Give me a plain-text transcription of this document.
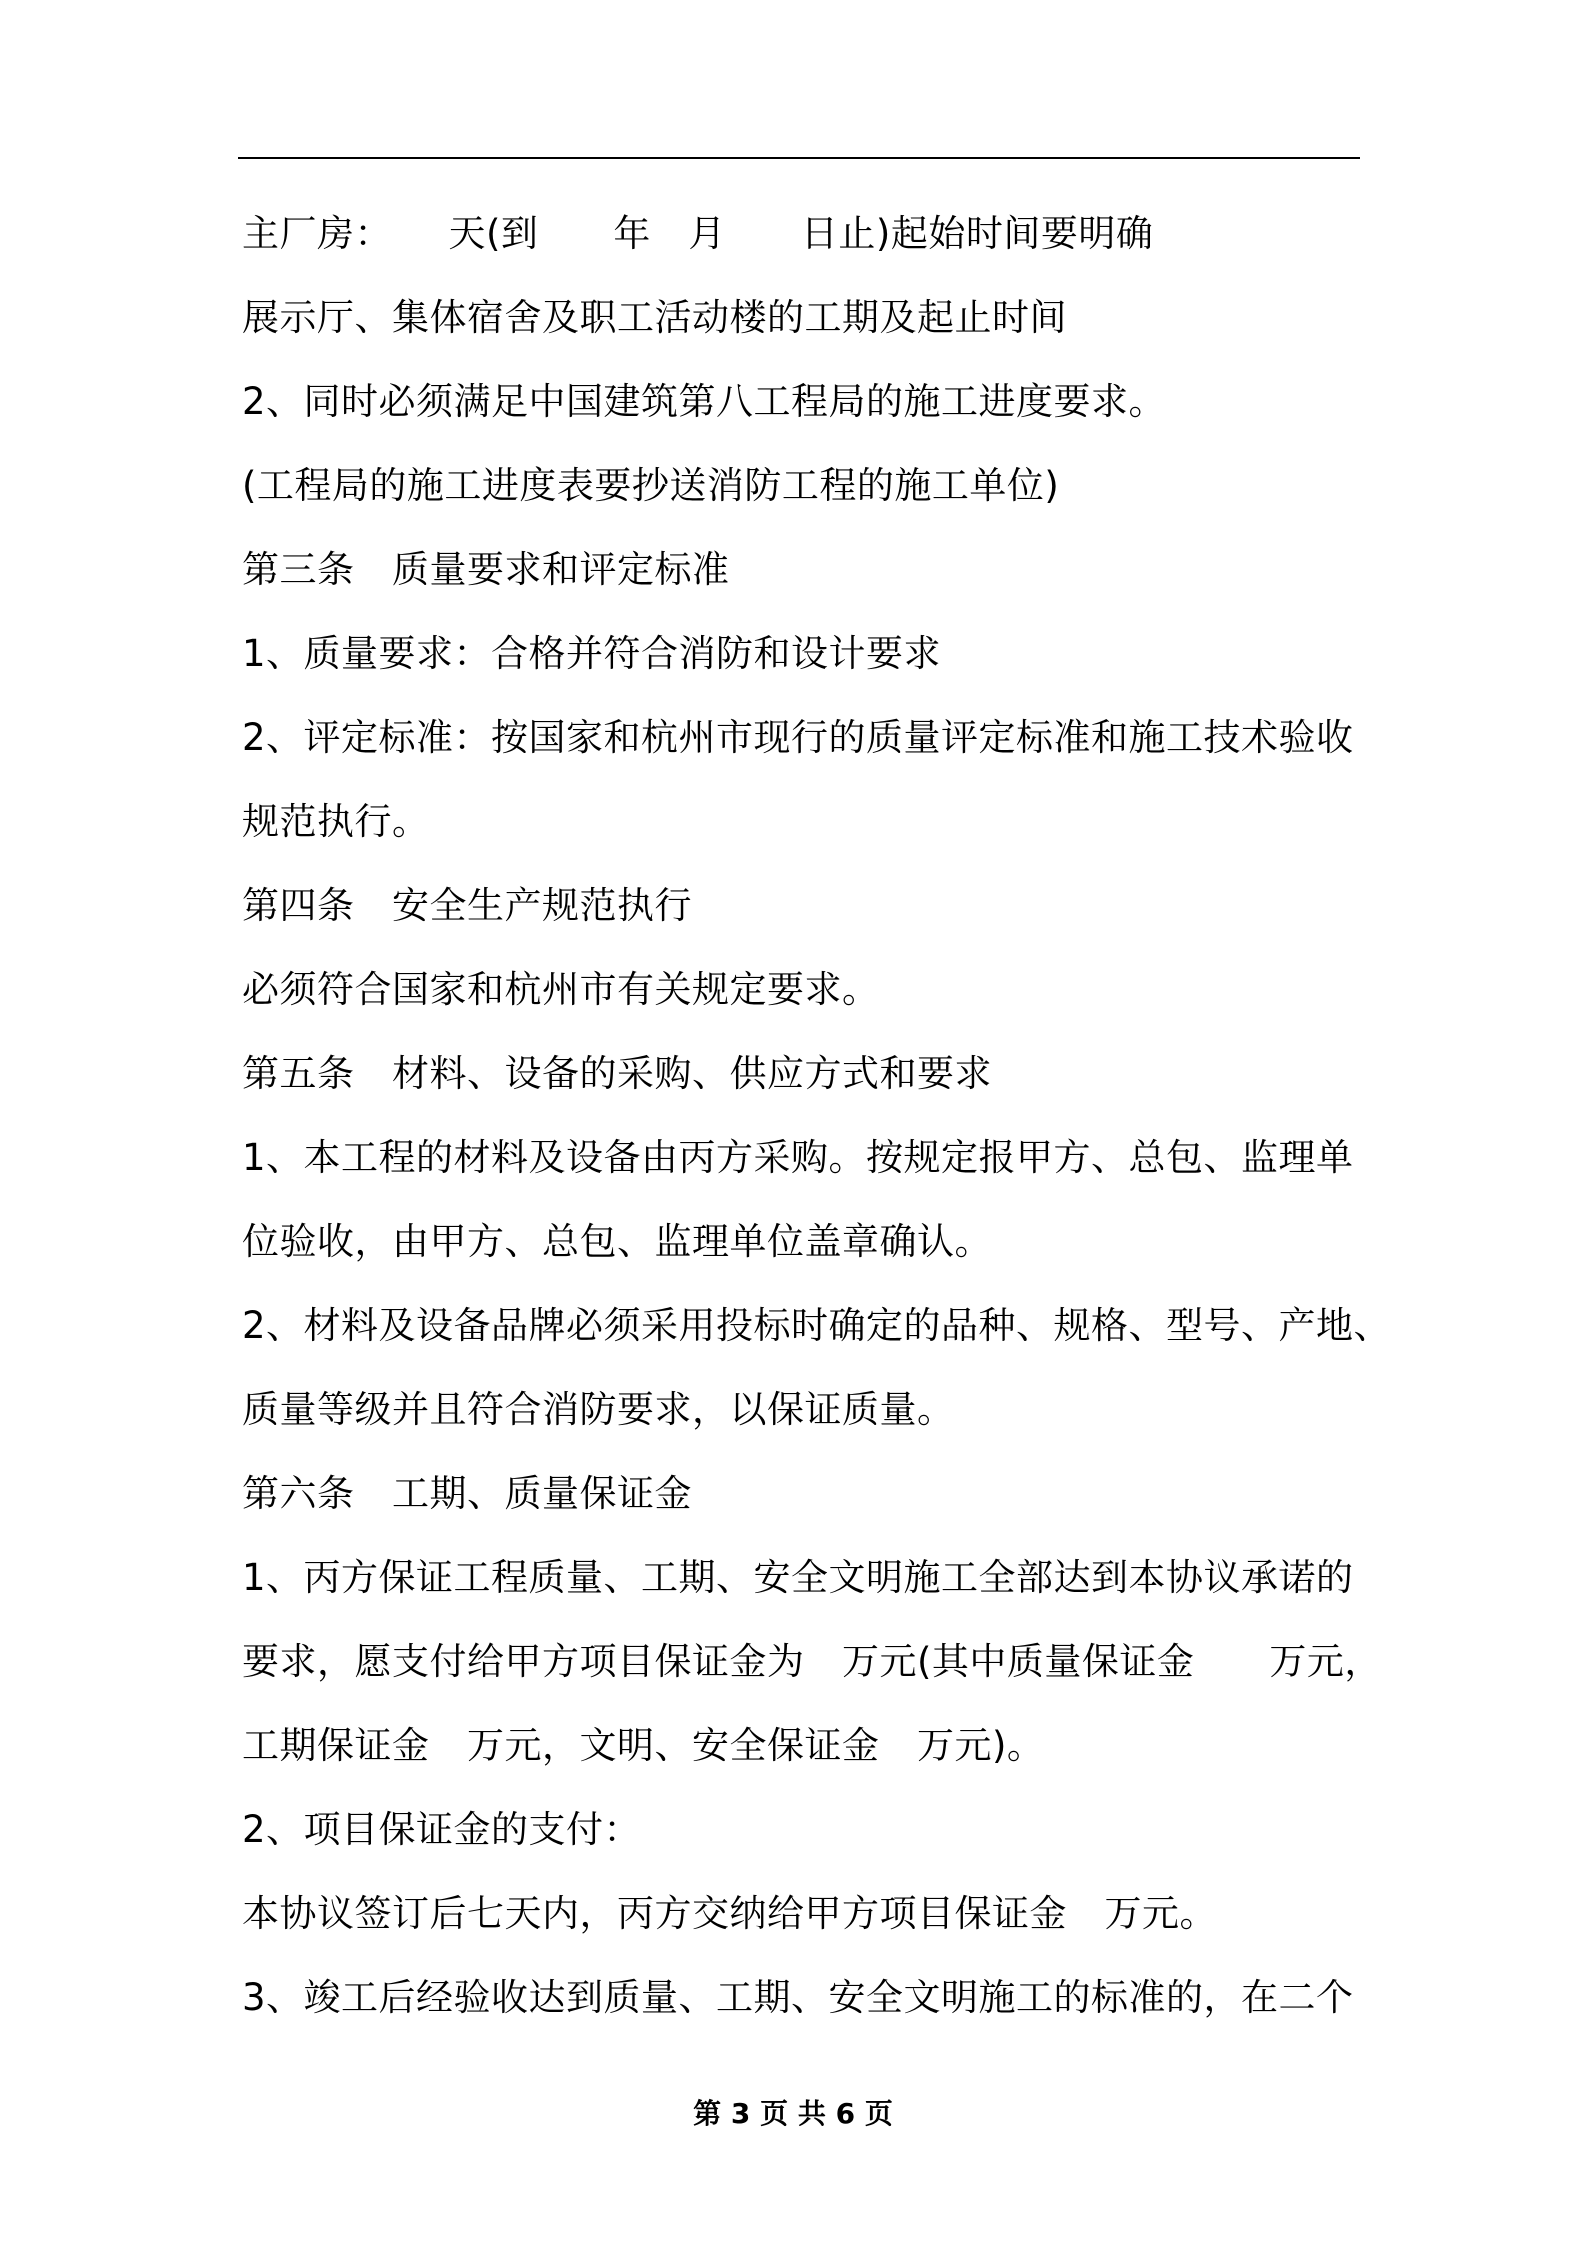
主厂房：　　天(到　　年　月　　日止)起始时间要明确
展示厅、集体宿舍及职工活动楼的工期及起止时间
2、同时必须满足中国建筑第八工程局的施工进度要求。
(工程局的施工进度表要抄送消防工程的施工单位)
第三条　质量要求和评定标准
1、质量要求：合格并符合消防和设计要求
2、评定标准：按国家和杭州市现行的质量评定标准和施工技术验收
规范执行。
第四条　安全生产规范执行
必须符合国家和杭州市有关规定要求。
第五条　材料、设备的采购、供应方式和要求
1、本工程的材料及设备由丙方采购。按规定报甲方、总包、监理单
位验收，由甲方、总包、监理单位盖章确认。
2、材料及设备品牌必须采用投标时确定的品种、规格、型号、产地、
质量等级并且符合消防要求，以保证质量。
第六条　工期、质量保证金
1、丙方保证工程质量、工期、安全文明施工全部达到本协议承诺的
要求，愿支付给甲方项目保证金为　万元(其中质量保证金　　万元，
工期保证金　万元，文明、安全保证金　万元)。
2、项目保证金的支付：
本协议签订后七天内，丙方交纳给甲方项目保证金　万元。
3、竣工后经验收达到质量、工期、安全文明施工的标准的，在二个
第 3 页 共 6 页
